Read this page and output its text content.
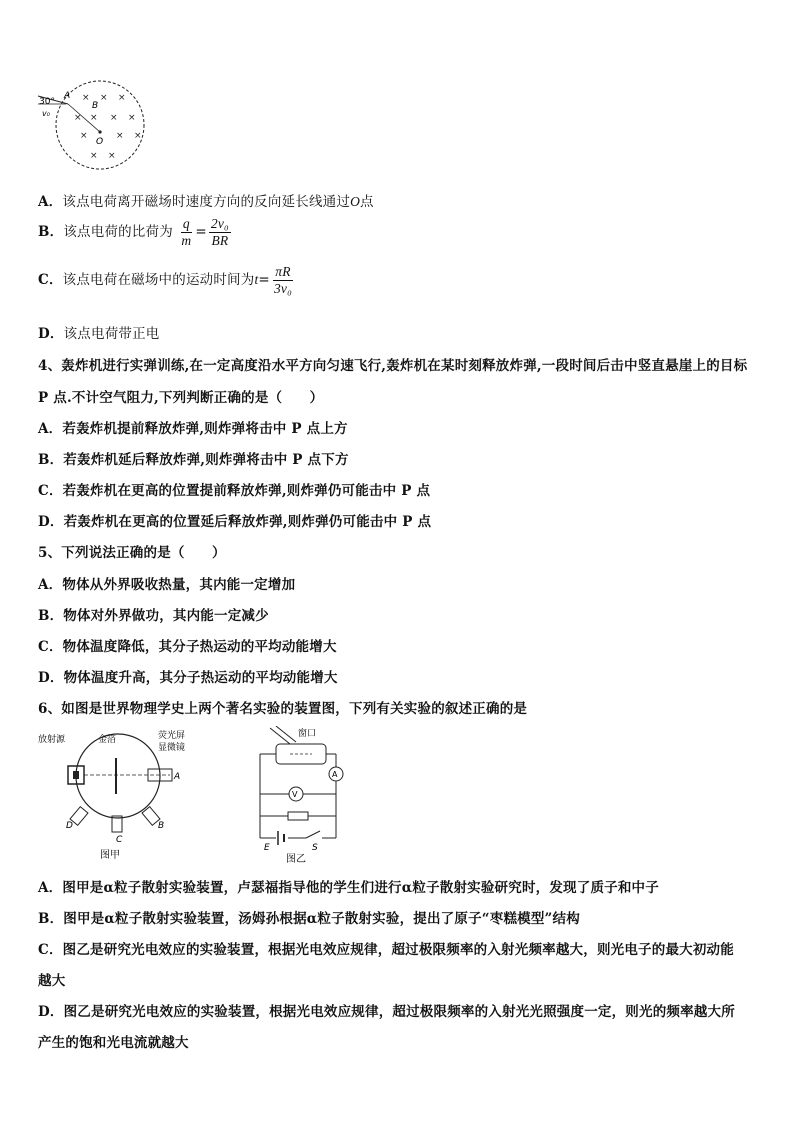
30°
A
B
O
v₀
× × ×
× × × ×
×	× ×
× ×
A．该点电荷离开磁场时速度方向的反向延长线通过O点
B．该点电荷的比荷为 $\frac{q}{m} = \frac{\text{2v₀}}{BR}$
C．该点电荷在磁场中的运动时间为$t= \frac{\pi R}{\text{3v₀}}$
D．该点电荷带正电
4、轰炸机进行实弹训练,在一定高度沿水平方向匀速飞行,轰炸机在某时刻释放炸弹,一段时间后击中竖直悬崖上的目标
P 点.不计空气阻力,下列判断正确的是（　　）
A．若轰炸机提前释放炸弹,则炸弹将击中 P 点上方
B．若轰炸机延后释放炸弹,则炸弹将击中 P 点下方
C．若轰炸机在更高的位置提前释放炸弹,则炸弹仍可能击中 P 点
D．若轰炸机在更高的位置延后释放炸弹,则炸弹仍可能击中 P 点
5、下列说法正确的是（　　）
A．物体从外界吸收热量，其内能一定增加
B．物体对外界做功，其内能一定减少
C．物体温度降低，其分子热运动的平均动能增大
D．物体温度升高，其分子热运动的平均动能增大
6、如图是世界物理学史上两个著名实验的装置图，下列有关实验的叙述正确的是
放射源	金箔	荧光屏
显微镜
A
B
C
D
图甲
窗口
A
V
E	S
图乙
A．图甲是α粒子散射实验装置，卢瑟福指导他的学生们进行α粒子散射实验研究时，发现了质子和中子
B．图甲是α粒子散射实验装置，汤姆孙根据α粒子散射实验，提出了原子“枣糕模型”结构
C．图乙是研究光电效应的实验装置，根据光电效应规律，超过极限频率的入射光频率越大，则光电子的最大初动能
越大
D．图乙是研究光电效应的实验装置，根据光电效应规律，超过极限频率的入射光光照强度一定，则光的频率越大所
产生的饱和光电流就越大
